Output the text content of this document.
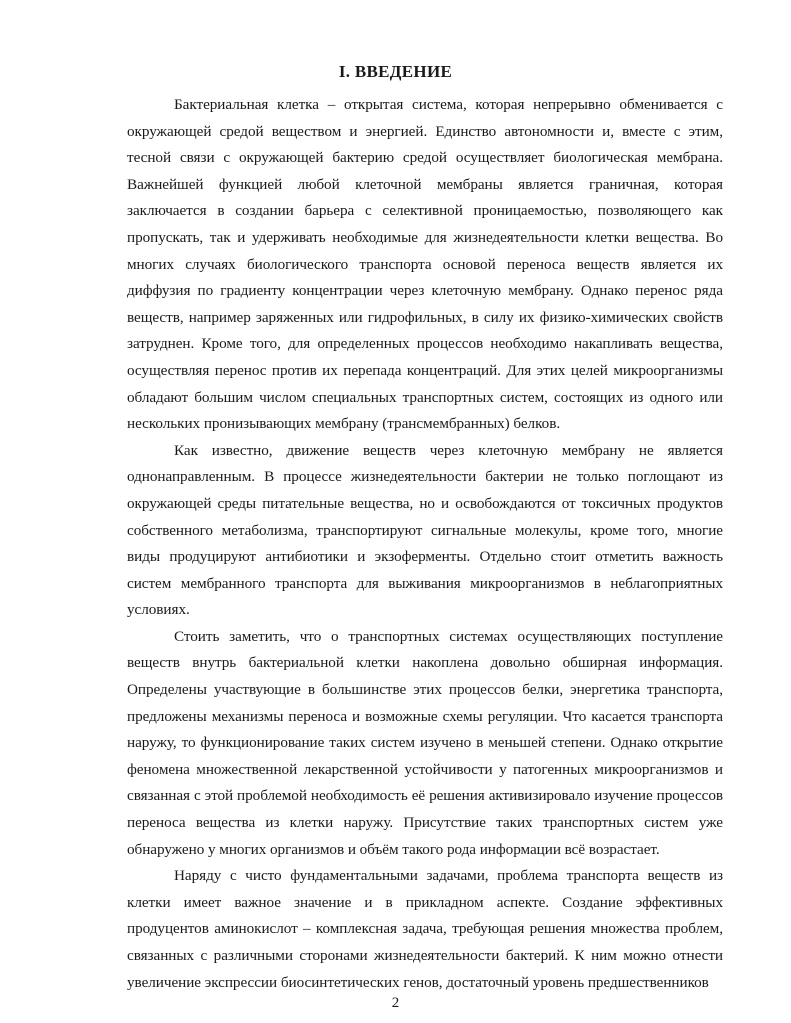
I. ВВЕДЕНИЕ

Бактериальная клетка – открытая система, которая непрерывно обменивается с окружающей средой веществом и энергией. Единство автономности и, вместе с этим, тесной связи с окружающей бактерию средой осуществляет биологическая мембрана. Важнейшей функцией любой клеточной мембраны является граничная, которая заключается в создании барьера с селективной проницаемостью, позволяющего как пропускать, так и удерживать необходимые для жизнедеятельности клетки вещества. Во многих случаях биологического транспорта основой переноса веществ является их диффузия по градиенту концентрации через клеточную мембрану. Однако перенос ряда веществ, например заряженных или гидрофильных, в силу их физико-химических свойств затруднен. Кроме того, для определенных процессов необходимо накапливать вещества, осуществляя перенос против их перепада концентраций. Для этих целей микроорганизмы обладают большим числом специальных транспортных систем, состоящих из одного или нескольких пронизывающих мембрану (трансмембранных) белков.

Как известно, движение веществ через клеточную мембрану не является однонаправленным. В процессе жизнедеятельности бактерии не только поглощают из окружающей среды питательные вещества, но и освобождаются от токсичных продуктов собственного метаболизма, транспортируют сигнальные молекулы, кроме того, многие виды продуцируют антибиотики и экзоферменты. Отдельно стоит отметить важность систем мембранного транспорта для выживания микроорганизмов в неблагоприятных условиях.

Стоить заметить, что о транспортных системах осуществляющих поступление веществ внутрь бактериальной клетки накоплена довольно обширная информация. Определены участвующие в большинстве этих процессов белки, энергетика транспорта, предложены механизмы переноса и возможные схемы регуляции. Что касается транспорта наружу, то функционирование таких систем изучено в меньшей степени. Однако открытие феномена множественной лекарственной устойчивости у патогенных микроорганизмов и связанная с этой проблемой необходимость её решения активизировало изучение процессов переноса вещества из клетки наружу. Присутствие таких транспортных систем уже обнаружено у многих организмов и объём такого рода информации всё возрастает.

Наряду с чисто фундаментальными задачами, проблема транспорта веществ из клетки имеет важное значение и в прикладном аспекте. Создание эффективных продуцентов аминокислот – комплексная задача, требующая решения множества проблем, связанных с различными сторонами жизнедеятельности бактерий. К ним можно отнести увеличение экспрессии биосинтетических генов, достаточный уровень предшественников

2
